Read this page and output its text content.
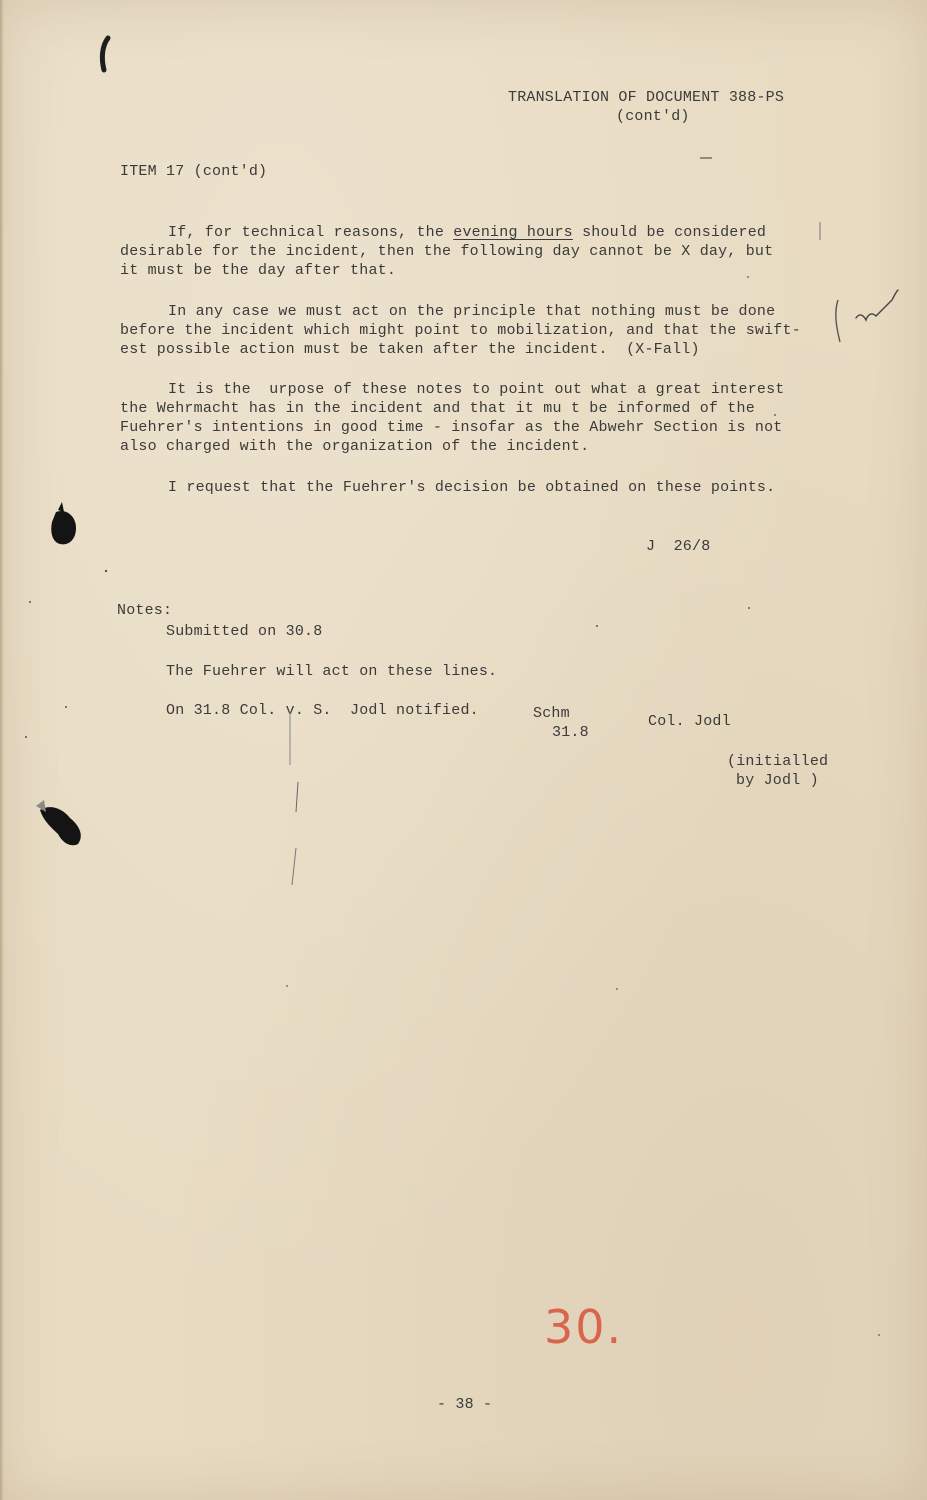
TRANSLATION OF DOCUMENT 388-PS
(cont'd)
ITEM 17 (cont'd)
If, for technical reasons, the evening hours should be considered
desirable for the incident, then the following day cannot be X day, but
it must be the day after that.
In any case we must act on the principle that nothing must be done
before the incident which might point to mobilization, and that the swift-
est possible action must be taken after the incident.  (X-Fall)
It is the  urpose of these notes to point out what a great interest
the Wehrmacht has in the incident and that it mu t be informed of the
Fuehrer's intentions in good time - insofar as the Abwehr Section is not
also charged with the organization of the incident.
I request that the Fuehrer's decision be obtained on these points.
J  26/8
Notes:
Submitted on 30.8
The Fuehrer will act on these lines.
On 31.8 Col. v. S.  Jodl notified.	Schm
31.8
Col. Jodl
(initialled
by Jodl )
30.
- 38 -
